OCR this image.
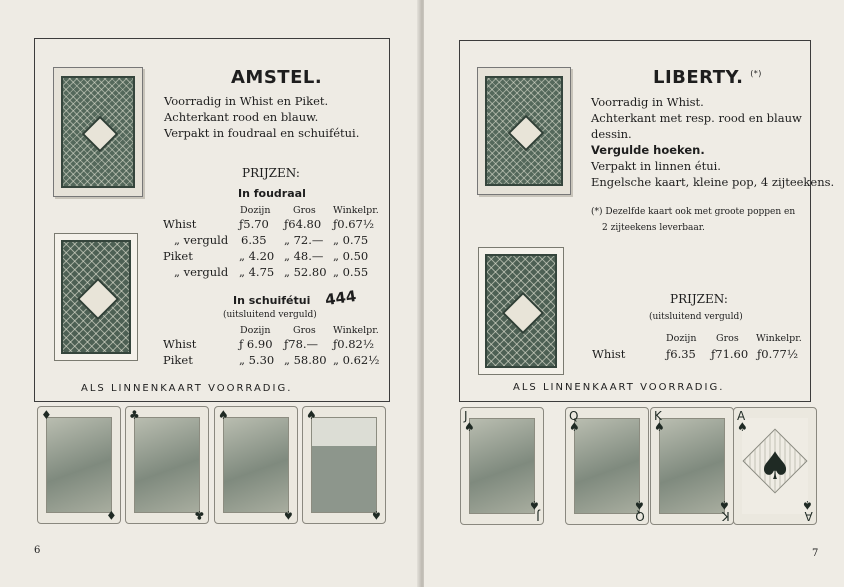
AMSTEL.
Voorradig in Whist en Piket.
Achterkant rood en blauw.
Verpakt in foudraal en schuifétui.
PRIJZEN:
In foudraal
Dozijn Gros Winkelpr.
Whist	ƒ5.70 ƒ64.80 ƒ0.67½
„ verguld 6.35 „ 72.— „ 0.75
Piket	„ 4.20 „ 48.— „ 0.50
„ verguld „ 4.75 „ 52.80 „ 0.55
In schuifétui 444
(uitsluitend verguld)
Dozijn Gros Winkelpr.
Whist	ƒ 6.90 ƒ78.— ƒ0.82½
Piket	„ 5.30 „ 58.80 „ 0.62½
ALS LINNENKAART VOORRADIG.
♦
♦
♣
♣
♠
♠
♠
♠
6
LIBERTY. (*)
Voorradig in Whist.
Achterkant met resp. rood en blauw
dessin.
Vergulde hoeken.
Verpakt in linnen étui.
Engelsche kaart, kleine pop, 4 zijteekens.
(*) Dezelfde kaart ook met groote poppen en
2 zijteekens leverbaar.
PRIJZEN:
(uitsluitend verguld)
Dozijn Gros Winkelpr.
Whist	ƒ6.35 ƒ71.60 ƒ0.77½
ALS LINNENKAART VOORRADIG.
J
♠
J
♠
Q
♠
Q
♠
K
♠
K
♠
♠
A
♠
A
♠
7
